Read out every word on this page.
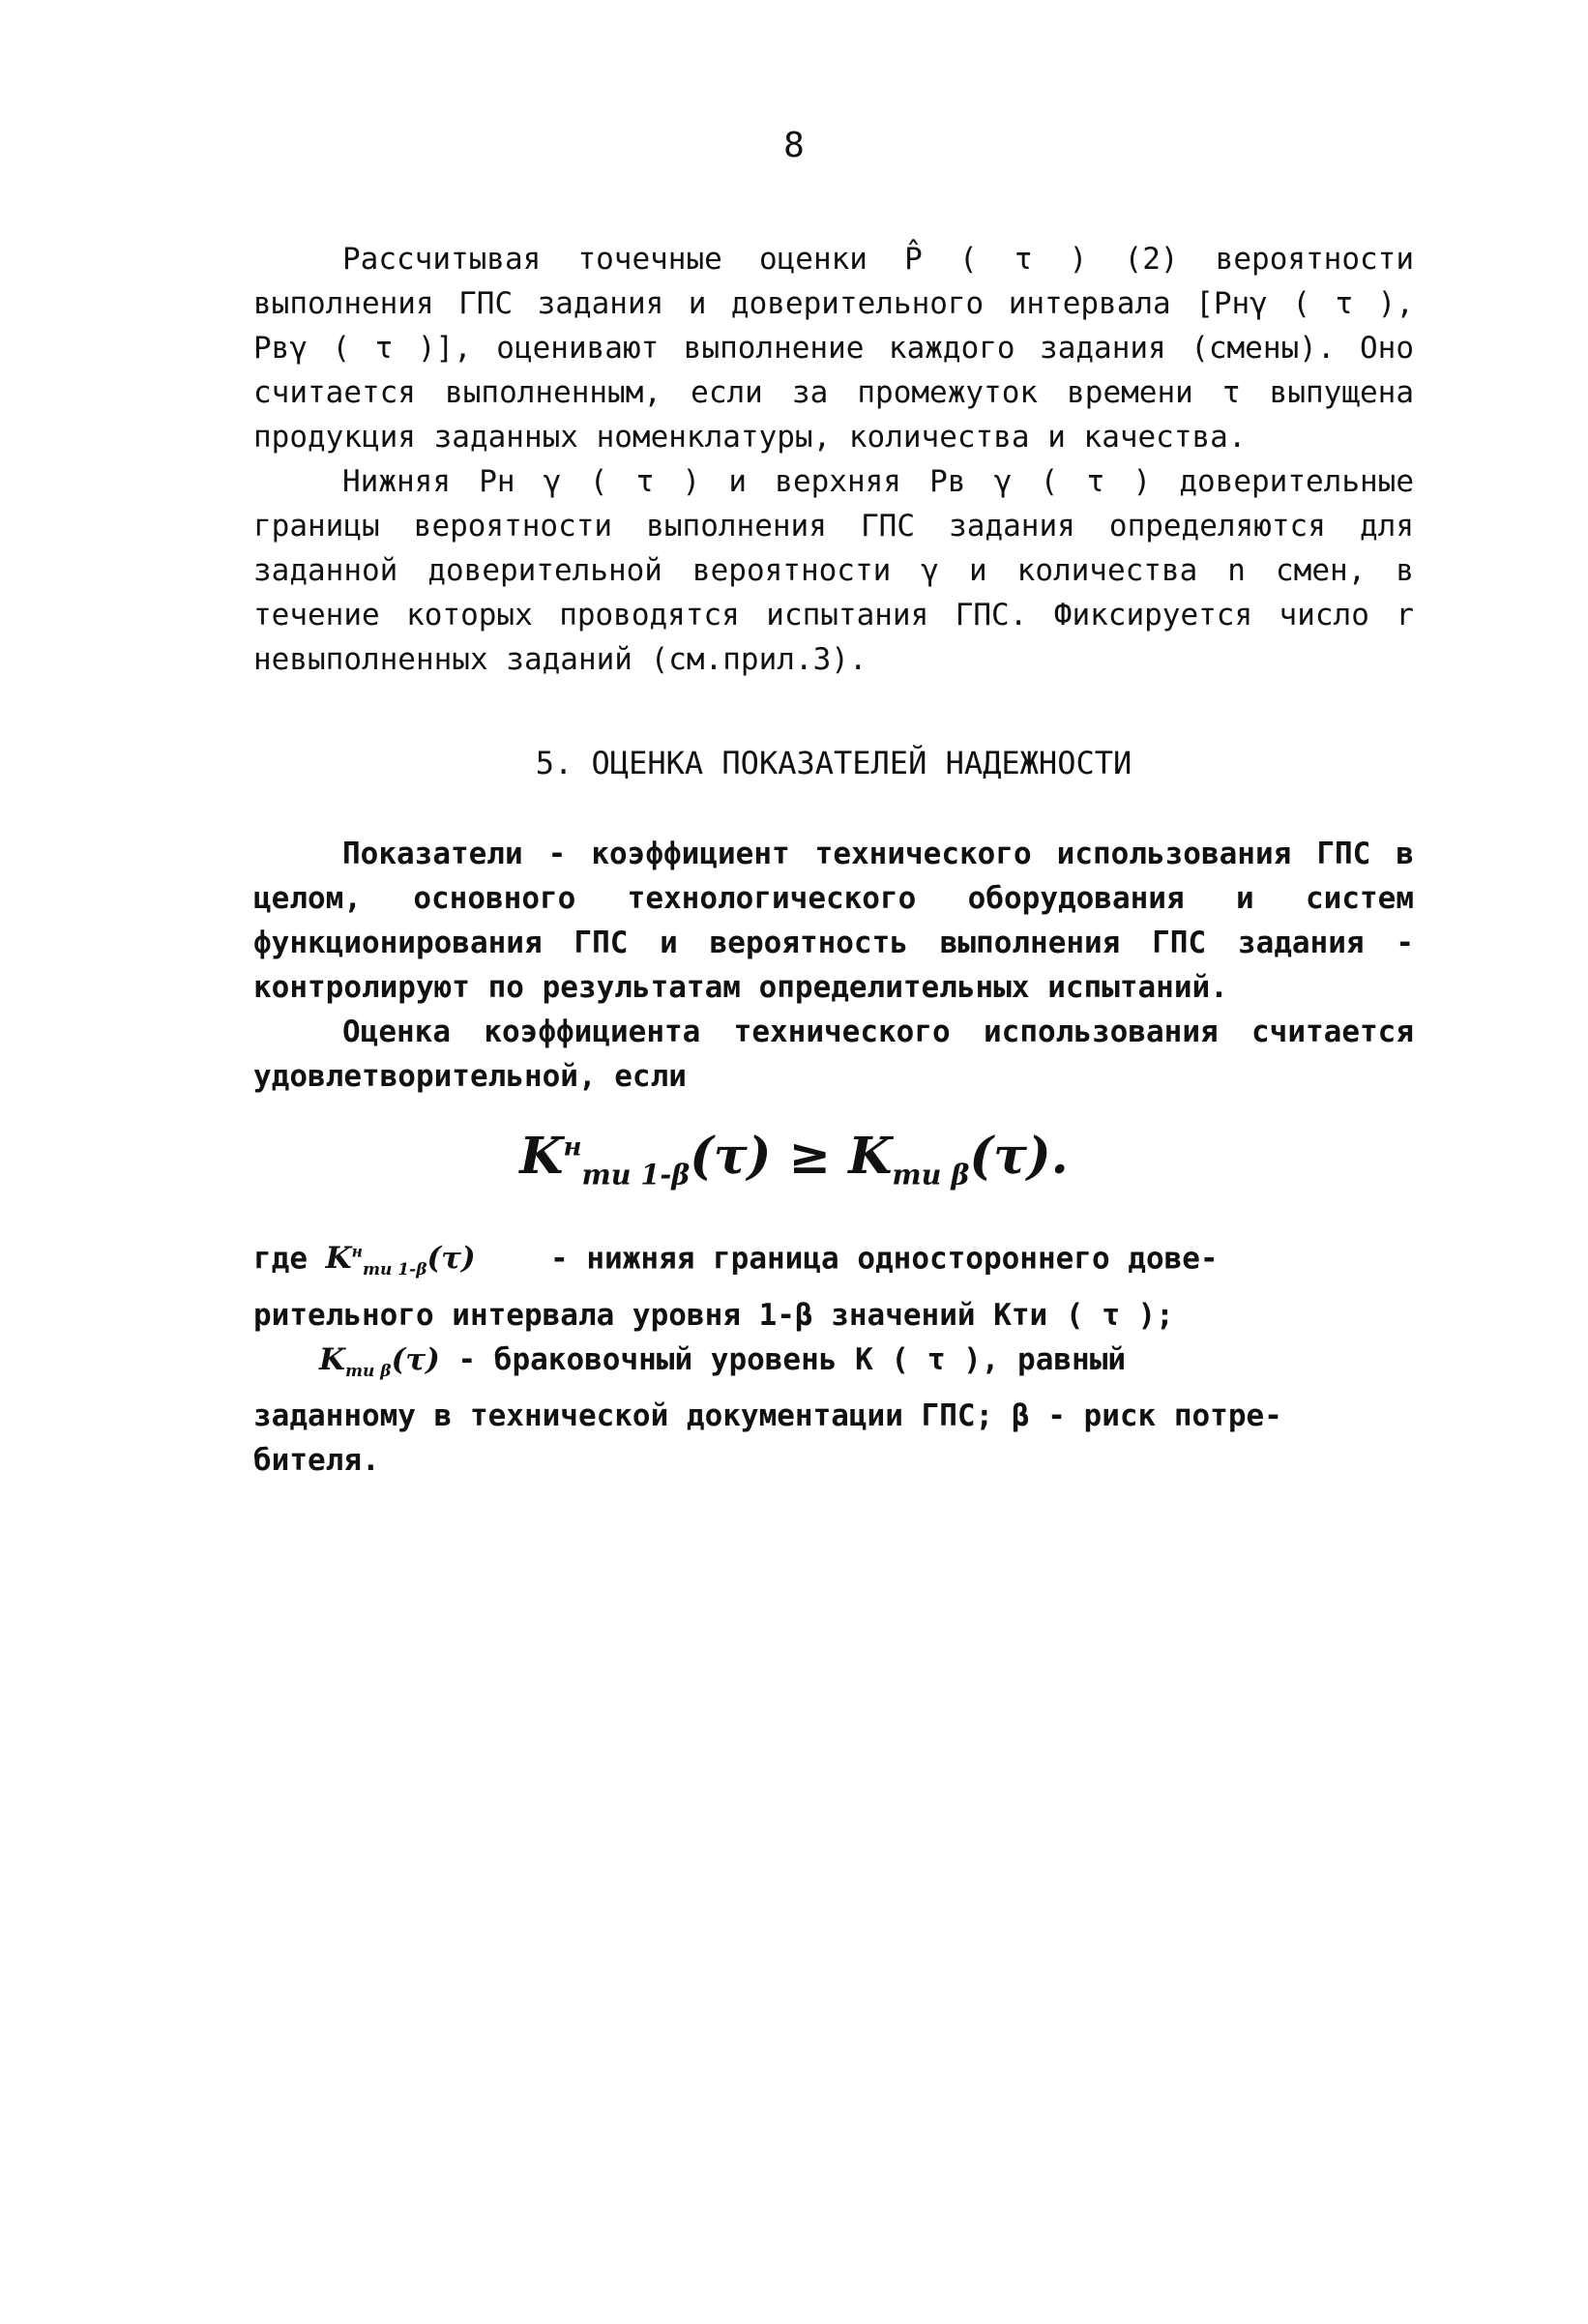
8

Рассчитывая точечные оценки P̂ ( τ ) (2) вероятности выполнения ГПС задания и доверительного интервала [Pнγ ( τ ), Pвγ ( τ )], оценивают выполнение каждого задания (смены). Оно считается выполненным, если за промежуток времени τ выпущена продукция заданных номенклатуры, количества и качества.

Нижняя Pн γ ( τ ) и верхняя Pв γ ( τ ) доверительные границы вероятности выполнения ГПС задания определяются для заданной доверительной вероятности γ и количества n смен, в течение которых проводятся испытания ГПС. Фиксируется число r невыполненных заданий (см.прил.3).

5. ОЦЕНКА ПОКАЗАТЕЛЕЙ НАДЕЖНОСТИ

Показатели - коэффициент технического использования ГПС в целом, основного технологического оборудования и систем функционирования ГПС и вероятность выполнения ГПС задания - контролируют по результатам определительных испытаний.

Оценка коэффициента технического использования считается удовлетворительной, если

$K^н_{ти 1-\beta}(\tau) \ge K_{ти \beta}(\tau)$.
где $K^н_{ти 1-\beta}(\tau)$ - нижняя граница одностороннего дове-
рительного интервала уровня 1-β значений Кти ( τ );
$K_{ти \beta}(\tau)$ - браковочный уровень К ( τ ), равный
заданному в технической документации ГПС; β - риск потре-
бителя.
